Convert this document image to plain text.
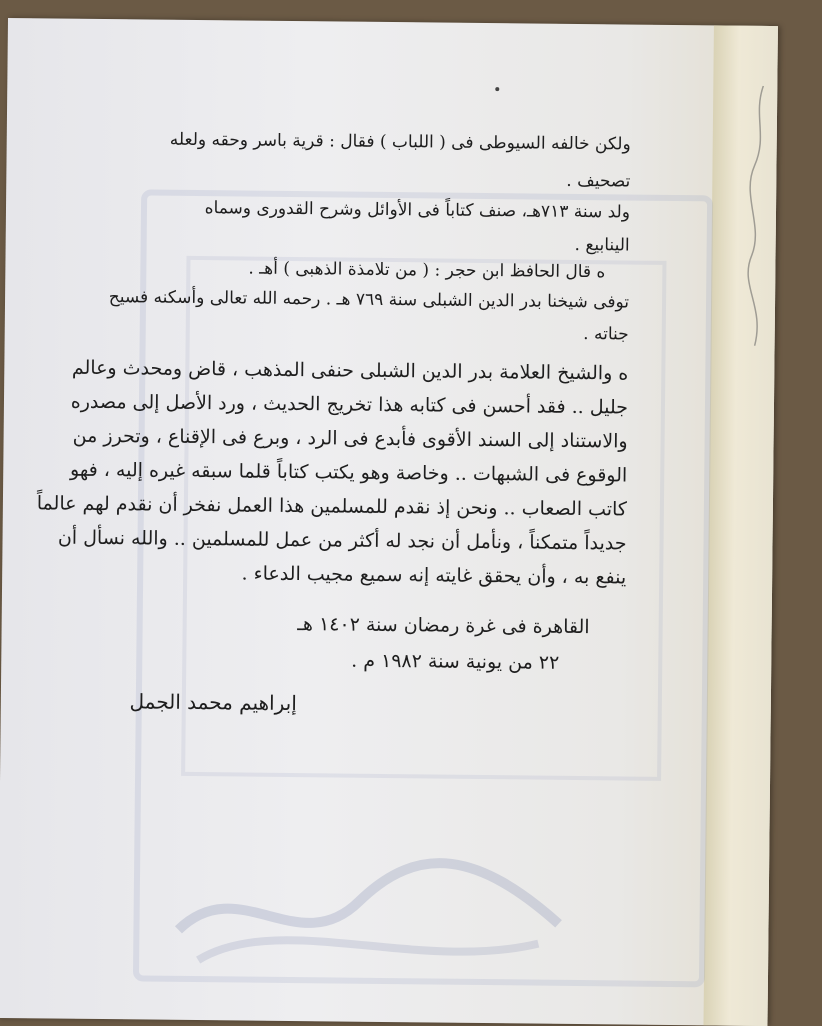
ولكن خالفه السيوطى فى ( اللباب ) فقال : قرية باسر وحقه ولعله
تصحيف .
ولد سنة ٧١٣هـ، صنف كتاباً فى الأوائل وشرح القدورى وسماه
الينابيع .
ه قال الحافظ ابن حجر : ( من تلامذة الذهبى ) أهـ .
توفى شيخنا بدر الدين الشبلى سنة ٧٦٩ هـ . رحمه الله تعالى وأسكنه فسيح
جناته .
ه والشيخ العلامة بدر الدين الشبلى حنفى المذهب ، قاض ومحدث وعالم
جليل .. فقد أحسن فى كتابه هذا تخريج الحديث ، ورد الأصل إلى مصدره
والاستناد إلى السند الأقوى فأبدع فى الرد ، وبرع فى الإقناع ، وتحرز من
الوقوع فى الشبهات .. وخاصة وهو يكتب كتاباً قلما سبقه غيره إليه ، فهو
كاتب الصعاب .. ونحن إذ نقدم للمسلمين هذا العمل نفخر أن نقدم لهم عالماً
جديداً متمكناً ، ونأمل أن نجد له أكثر من عمل للمسلمين .. والله نسأل أن
ينفع به ، وأن يحقق غايته إنه سميع مجيب الدعاء .
القاهرة فى غرة رمضان سنة ١٤٠٢ هـ
٢٢ من يونية سنة ١٩٨٢ م .
إبراهيم محمد الجمل
